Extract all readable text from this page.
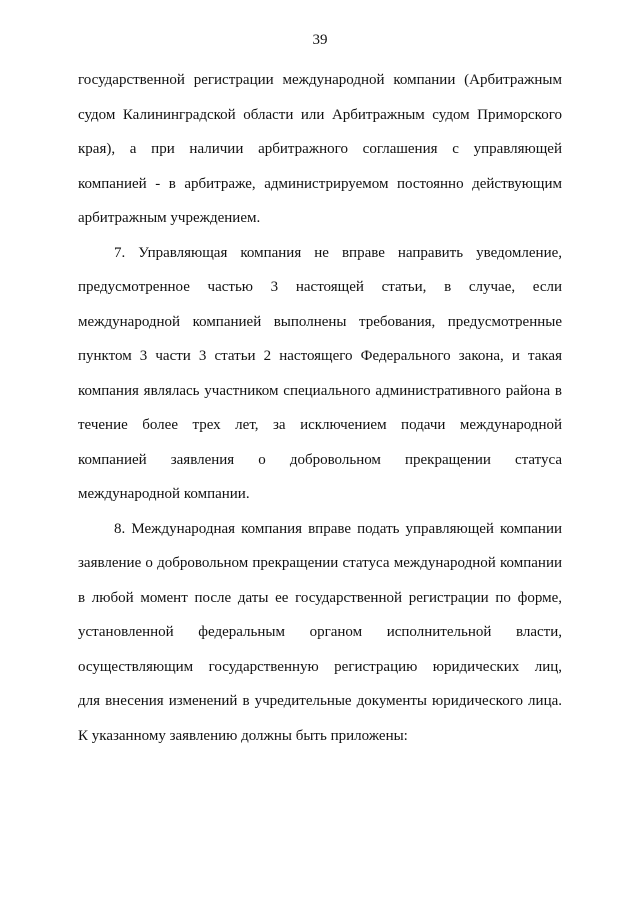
39
государственной регистрации международной компании (Арбитражным
судом Калининградской области или Арбитражным судом Приморского
края), а при наличии арбитражного соглашения с управляющей
компанией - в арбитраже, администрируемом постоянно действующим
арбитражным учреждением.
7. Управляющая компания не вправе направить уведомление,
предусмотренное частью 3 настоящей статьи, в случае, если
международной компанией выполнены требования, предусмотренные
пунктом 3 части 3 статьи 2 настоящего Федерального закона, и такая
компания являлась участником специального административного района в
течение более трех лет, за исключением подачи международной
компанией заявления о добровольном прекращении статуса
международной компании.
8. Международная компания вправе подать управляющей компании
заявление о добровольном прекращении статуса международной компании
в любой момент после даты ее государственной регистрации по форме,
установленной федеральным органом исполнительной власти,
осуществляющим государственную регистрацию юридических лиц,
для внесения изменений в учредительные документы юридического лица.
К указанному заявлению должны быть приложены:
